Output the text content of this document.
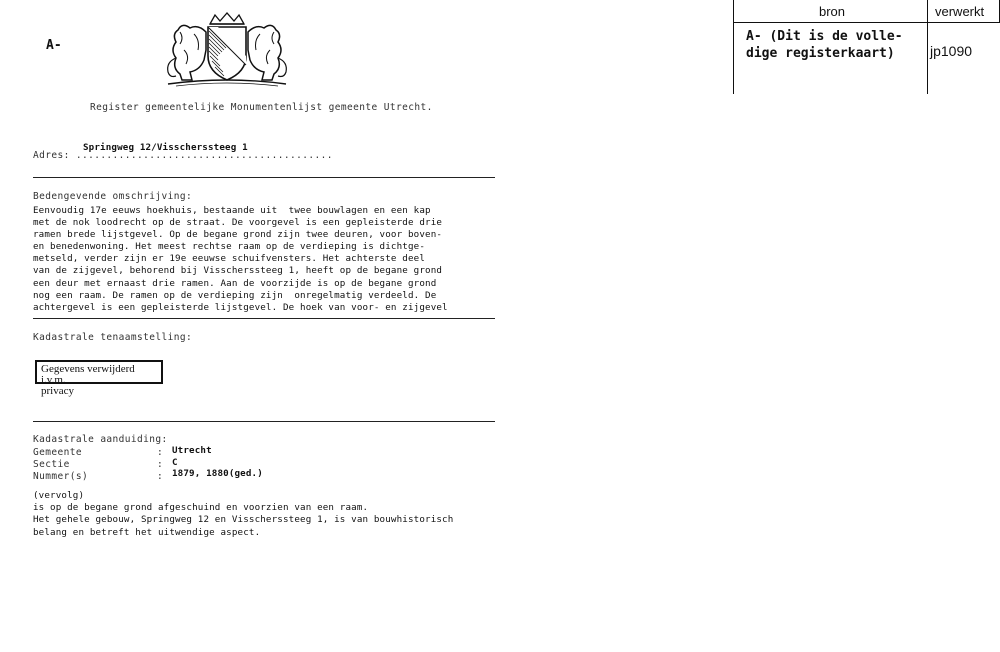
A-
Register gemeentelijke Monumentenlijst gemeente Utrecht.
Springweg 12/Visscherssteeg 1
Adres: ..........................................
Bedengevende omschrijving:
Eenvoudig 17e eeuws hoekhuis, bestaande uit  twee bouwlagen en een kap
met de nok loodrecht op de straat. De voorgevel is een gepleisterde drie
ramen brede lijstgevel. Op de begane grond zijn twee deuren, voor boven-
en benedenwoning. Het meest rechtse raam op de verdieping is dichtge-
metseld, verder zijn er 19e eeuwse schuifvensters. Het achterste deel
van de zijgevel, behorend bij Visscherssteeg 1, heeft op de begane grond
een deur met ernaast drie ramen. Aan de voorzijde is op de begane grond
nog een raam. De ramen op de verdieping zijn  onregelmatig verdeeld. De
achtergevel is een gepleisterde lijstgevel. De hoek van voor- en zijgevel
Kadastrale tenaamstelling:
Gegevens verwijderd i.v.m.
privacy
Kadastrale aanduiding:
Gemeente	: Utrecht
Sectie	: C
Nummer(s)	: 1879, 1880(ged.)
(vervolg)
is op de begane grond afgeschuind en voorzien van een raam.
Het gehele gebouw, Springweg 12 en Visscherssteeg 1, is van bouwhistorisch
belang en betreft het uitwendige aspect.
bron	verwerkt
A- (Dit is de volle-
dige registerkaart)	jp1090
